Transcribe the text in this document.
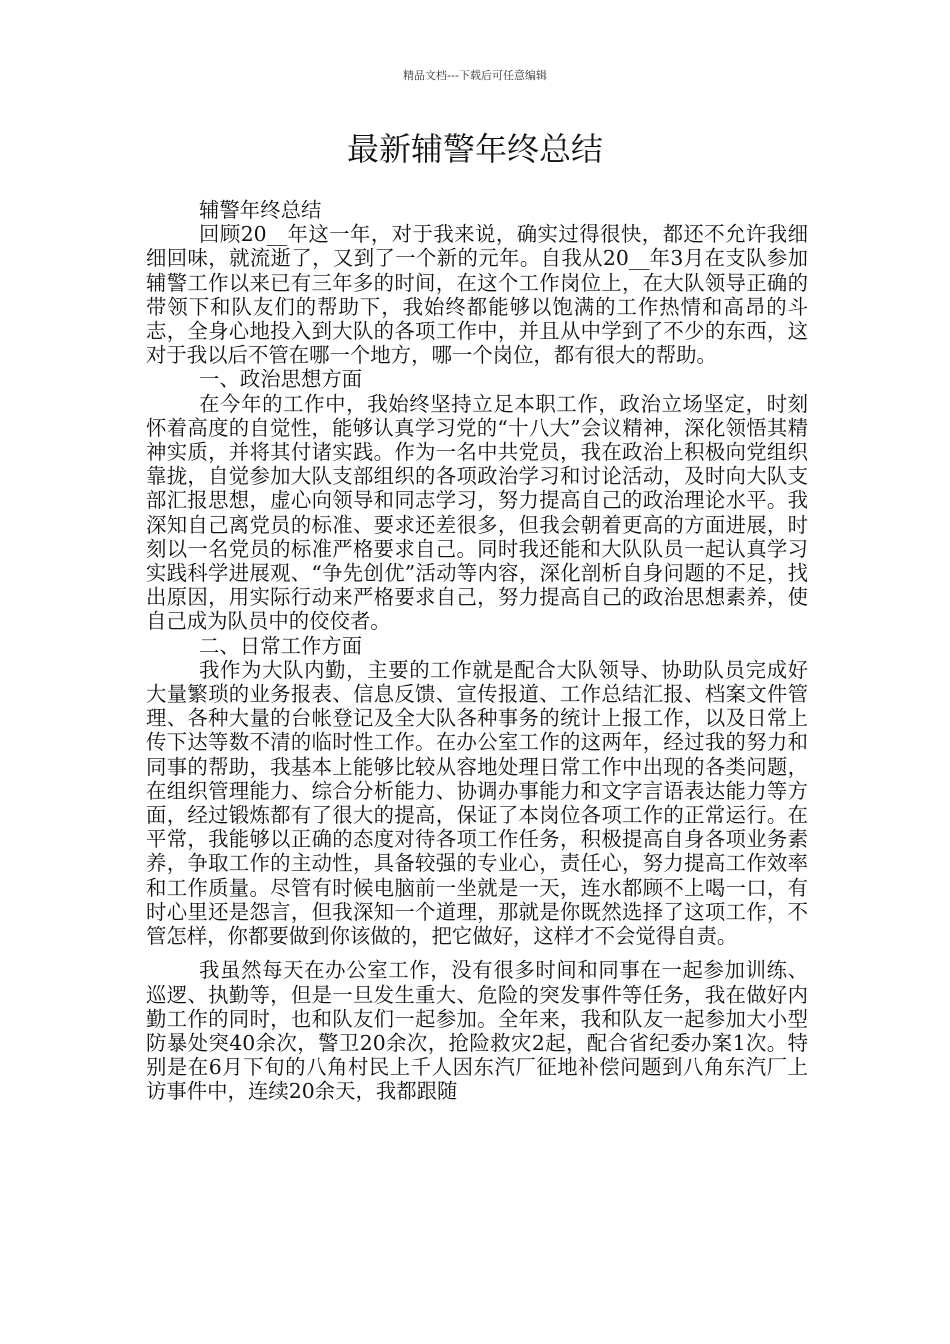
精品文档---下载后可任意编辑
最新辅警年终总结

辅警年终总结

回顾20__年这一年，对于我来说，确实过得很快，都还不允许我细细回味，就流逝了，又到了一个新的元年。自我从20__年3月在支队参加辅警工作以来已有三年多的时间，在这个工作岗位上，在大队领导正确的带领下和队友们的帮助下，我始终都能够以饱满的工作热情和高昂的斗志，全身心地投入到大队的各项工作中，并且从中学到了不少的东西，这对于我以后不管在哪一个地方，哪一个岗位，都有很大的帮助。

一、政治思想方面

在今年的工作中，我始终坚持立足本职工作，政治立场坚定，时刻怀着高度的自觉性，能够认真学习党的“十八大”会议精神，深化领悟其精神实质，并将其付诸实践。作为一名中共党员，我在政治上积极向党组织靠拢，自觉参加大队支部组织的各项政治学习和讨论活动，及时向大队支部汇报思想，虚心向领导和同志学习，努力提高自己的政治理论水平。我深知自己离党员的标准、要求还差很多，但我会朝着更高的方面进展，时刻以一名党员的标准严格要求自己。同时我还能和大队队员一起认真学习实践科学进展观、“争先创优”活动等内容，深化剖析自身问题的不足，找出原因，用实际行动来严格要求自己，努力提高自己的政治思想素养，使自己成为队员中的佼佼者。

二、日常工作方面

我作为大队内勤，主要的工作就是配合大队领导、协助队员完成好大量繁琐的业务报表、信息反馈、宣传报道、工作总结汇报、档案文件管理、各种大量的台帐登记及全大队各种事务的统计上报工作，以及日常上传下达等数不清的临时性工作。在办公室工作的这两年，经过我的努力和同事的帮助，我基本上能够比较从容地处理日常工作中出现的各类问题，在组织管理能力、综合分析能力、协调办事能力和文字言语表达能力等方面，经过锻炼都有了很大的提高，保证了本岗位各项工作的正常运行。在平常，我能够以正确的态度对待各项工作任务，积极提高自身各项业务素养，争取工作的主动性，具备较强的专业心，责任心，努力提高工作效率和工作质量。尽管有时候电脑前一坐就是一天，连水都顾不上喝一口，有时心里还是怨言，但我深知一个道理，那就是你既然选择了这项工作，不管怎样，你都要做到你该做的，把它做好，这样才不会觉得自责。

我虽然每天在办公室工作，没有很多时间和同事在一起参加训练、巡逻、执勤等，但是一旦发生重大、危险的突发事件等任务，我在做好内勤工作的同时，也和队友们一起参加。全年来，我和队友一起参加大小型防暴处突40余次，警卫20余次，抢险救灾2起，配合省纪委办案1次。特别是在6月下旬的八角村民上千人因东汽厂征地补偿问题到八角东汽厂上访事件中，连续20余天，我都跟随
